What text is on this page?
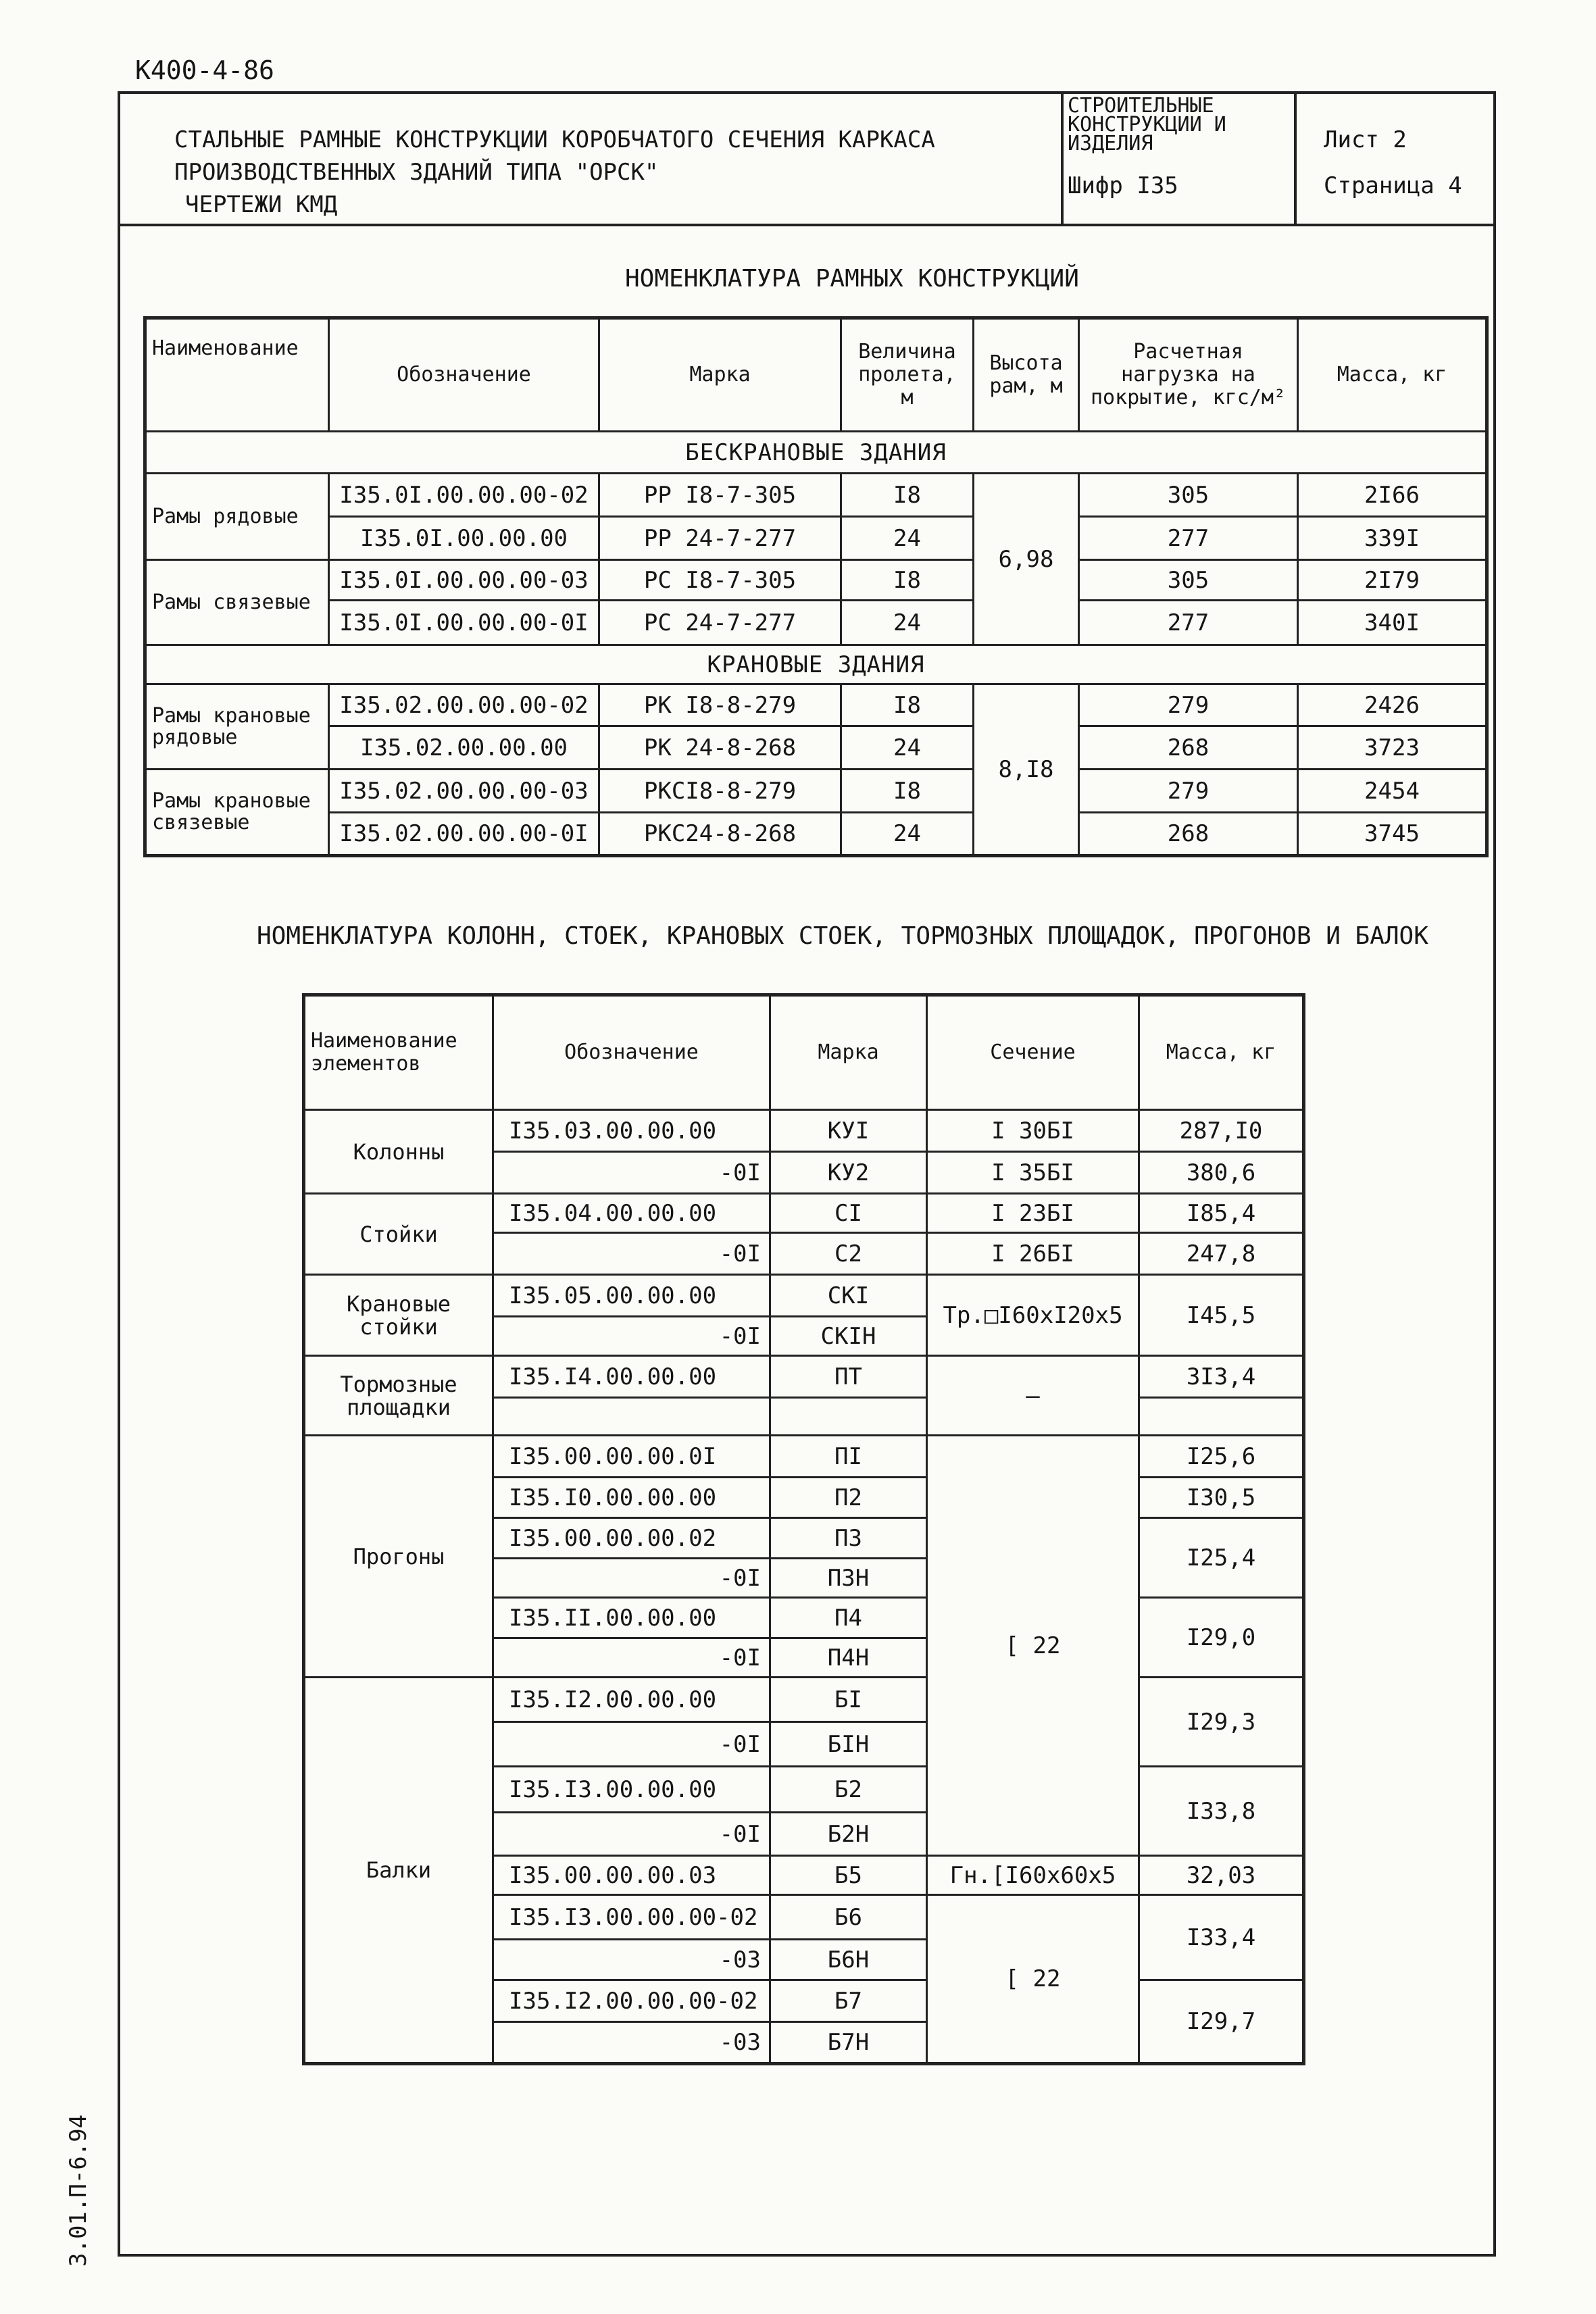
К400-4-86
3.01.П-6.94
СТАЛЬНЫЕ РАМНЫЕ КОНСТРУКЦИИ КОРОБЧАТОГО СЕЧЕНИЯ КАРКАСА
ПРОИЗВОДСТВЕННЫХ ЗДАНИЙ ТИПА "ОРСК"
ЧЕРТЕЖИ КМД
СТРОИТЕЛЬНЫЕ
КОНСТРУКЦИИ И
ИЗДЕЛИЯ
Шифр I35
Лист 2
Страница 4
НОМЕНКЛАТУРА РАМНЫХ КОНСТРУКЦИЙ
Наименование	Обозначение	Марка	Величина пролета, м	Высота рам, м	Расчетная нагрузка на покрытие, кгс/м²	Масса, кг
БЕСКРАНОВЫЕ ЗДАНИЯ						
Рамы рядовые	I35.0I.00.00.00-02	РР I8-7-305	I8	6,98	305	2I66
	I35.0I.00.00.00	РР 24-7-277	24		277	339I
Рамы связевые	I35.0I.00.00.00-03	РС I8-7-305	I8		305	2I79
	I35.0I.00.00.00-0I	РС 24-7-277	24		277	340I
КРАНОВЫЕ ЗДАНИЯ						
Рамы крановые рядовые	I35.02.00.00.00-02	РК I8-8-279	I8	8,I8	279	2426
	I35.02.00.00.00	РК 24-8-268	24		268	3723
Рамы крановые связевые	I35.02.00.00.00-03	РКСI8-8-279	I8		279	2454
	I35.02.00.00.00-0I	РКС24-8-268	24		268	3745
НОМЕНКЛАТУРА КОЛОНН, СТОЕК, КРАНОВЫХ СТОЕК, ТОРМОЗНЫХ ПЛОЩАДОК, ПРОГОНОВ И БАЛОК
Наименование элементов	Обозначение	Марка	Сечение	Масса, кг
Колонны	I35.03.00.00.00	КУI	I 30БI	287,I0
	-0I	КУ2	I 35БI	380,6
Стойки	I35.04.00.00.00	СI	I 23БI	I85,4
	-0I	С2	I 26БI	247,8
Крановые стойки	I35.05.00.00.00	СКI	Тр.□I60хI20х5	I45,5
	-0I	СКIН		
Тормозные площадки	I35.I4.00.00.00	ПТ	—	3I3,4

Прогоны	I35.00.00.00.0I	ПI	[ 22	I25,6
	I35.I0.00.00.00	П2		I30,5
	I35.00.00.00.02	П3		I25,4
	-0I	П3Н		
	I35.II.00.00.00	П4		I29,0
	-0I	П4Н		
Балки	I35.I2.00.00.00	БI		I29,3
	-0I	БIН		
	I35.I3.00.00.00	Б2		I33,8
	-0I	Б2Н		
	I35.00.00.00.03	Б5	Гн.[I60х60х5	32,03
	I35.I3.00.00.00-02	Б6	[ 22	I33,4
	-03	Б6Н		
	I35.I2.00.00.00-02	Б7		I29,7
	-03	Б7Н		
